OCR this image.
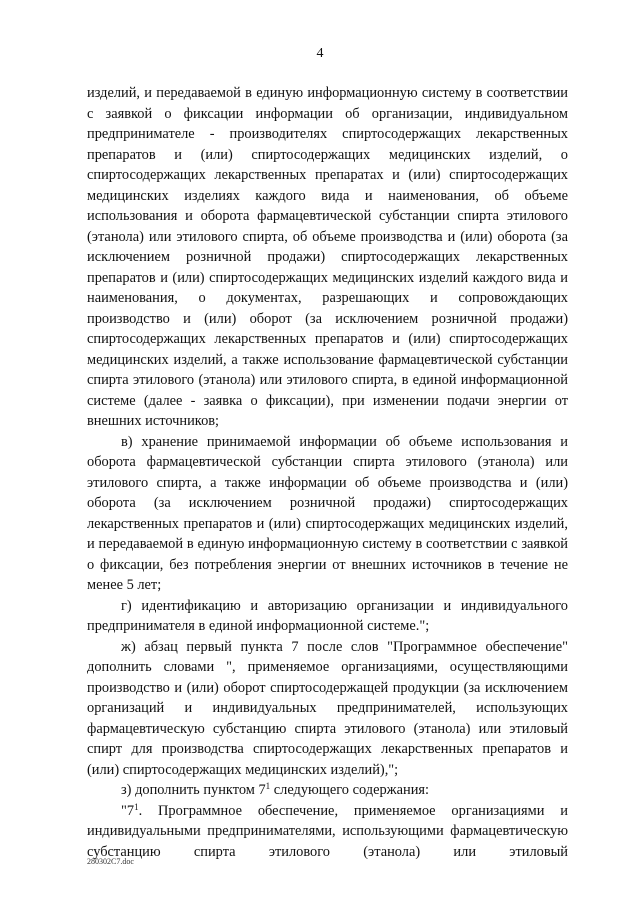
4

изделий, и передаваемой в единую информационную систему в соответствии с заявкой о фиксации информации об организации, индивидуальном предпринимателе - производителях спиртосодержащих лекарственных препаратов и (или) спиртосодержащих медицинских изделий, о спиртосодержащих лекарственных препаратах и (или) спиртосодержащих медицинских изделиях каждого вида и наименования, об объеме использования и оборота фармацевтической субстанции спирта этилового (этанола) или этилового спирта, об объеме производства и (или) оборота (за исключением розничной продажи) спиртосодержащих лекарственных препаратов и (или) спиртосодержащих медицинских изделий каждого вида и наименования, о документах, разрешающих и сопровождающих производство и (или) оборот (за исключением розничной продажи) спиртосодержащих лекарственных препаратов и (или) спиртосодержащих медицинских изделий, а также использование фармацевтической субстанции спирта этилового (этанола) или этилового спирта, в единой информационной системе (далее - заявка о фиксации), при изменении подачи энергии от внешних источников;

в) хранение принимаемой информации об объеме использования и оборота фармацевтической субстанции спирта этилового (этанола) или этилового спирта, а также информации об объеме производства и (или) оборота (за исключением розничной продажи) спиртосодержащих лекарственных препаратов и (или) спиртосодержащих медицинских изделий, и передаваемой в единую информационную систему в соответствии с заявкой о фиксации, без потребления энергии от внешних источников в течение не менее 5 лет;

г) идентификацию и авторизацию организации и индивидуального предпринимателя в единой информационной системе.";

ж) абзац первый пункта 7 после слов "Программное обеспечение" дополнить словами ", применяемое организациями, осуществляющими производство и (или) оборот спиртосодержащей продукции (за исключением организаций и индивидуальных предпринимателей, использующих фармацевтическую субстанцию спирта этилового (этанола) или этиловый спирт для производства спиртосодержащих лекарственных препаратов и (или) спиртосодержащих медицинских изделий),";

з) дополнить пунктом $7^1$ следующего содержания:

"$7^1$. Программное обеспечение, применяемое организациями и индивидуальными предпринимателями, использующими фармацевтическую субстанцию спирта этилового (этанола) или этиловый

280302C7.doc
